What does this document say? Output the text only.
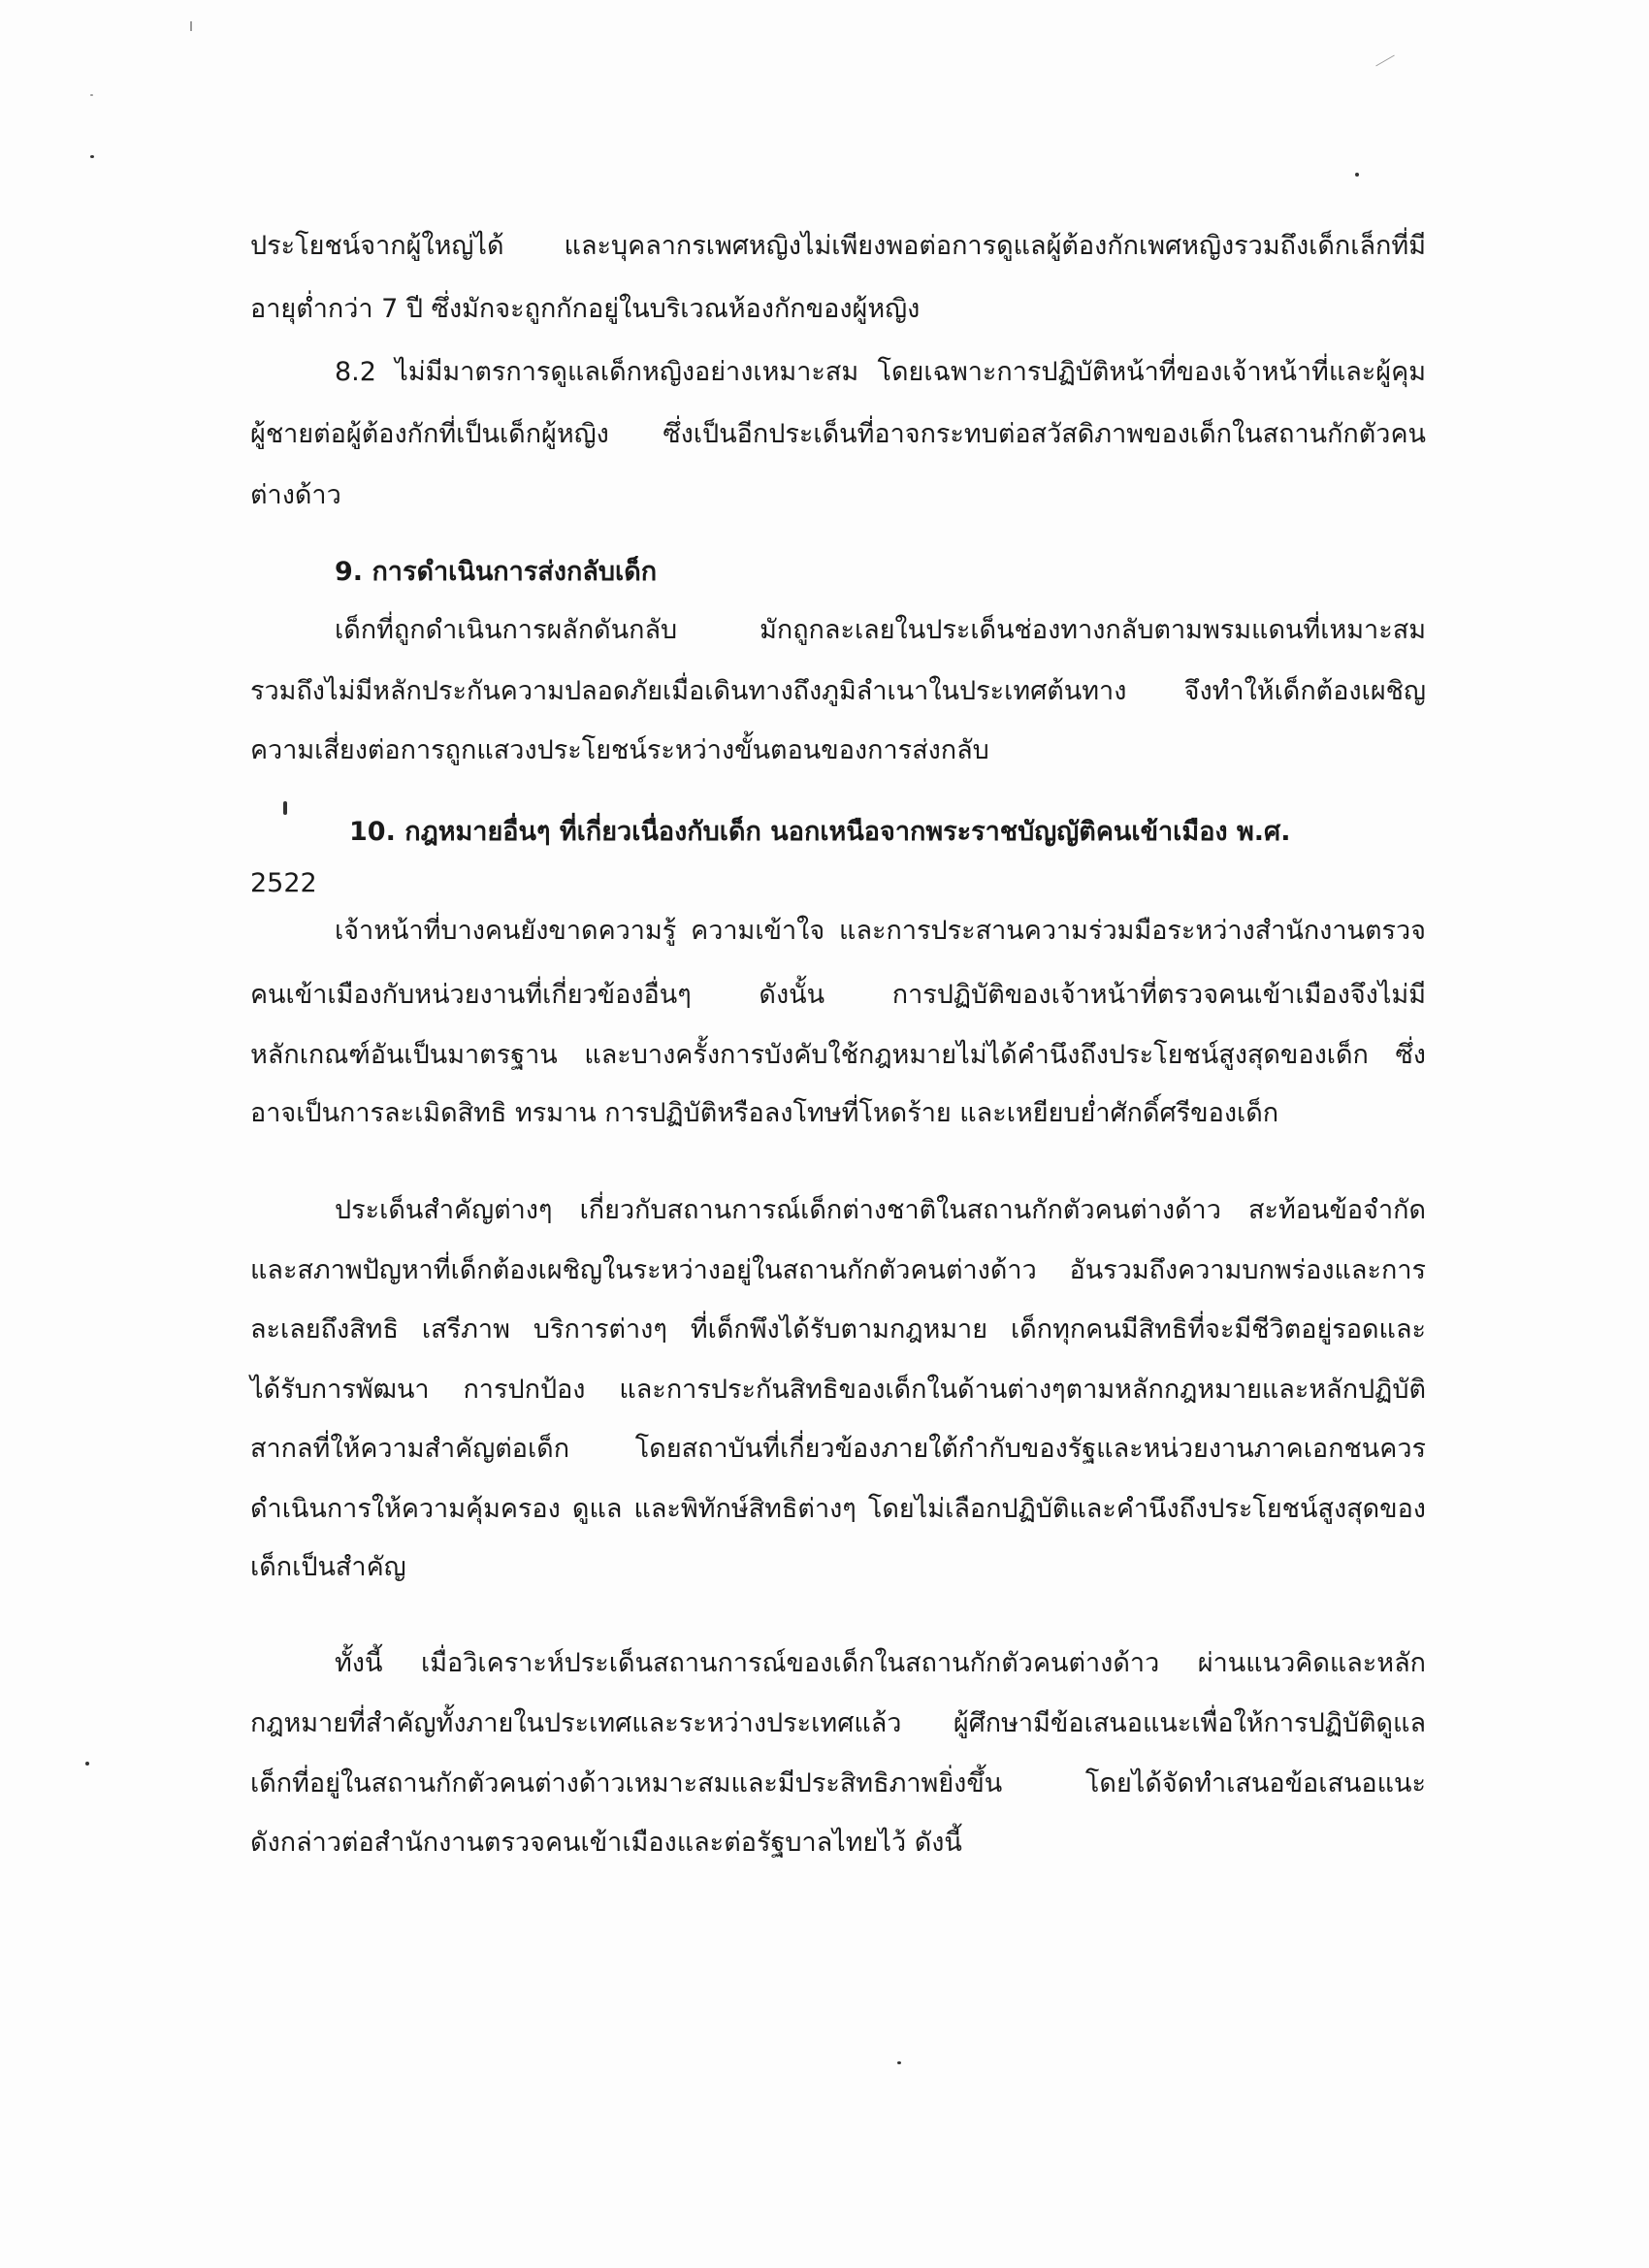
ประโยชน์จากผู้ใหญ่ได้ และบุคลากรเพศหญิงไม่เพียงพอต่อการดูแลผู้ต้องกักเพศหญิงรวมถึงเด็กเล็กที่มี
อายุต่ำกว่า 7 ปี ซึ่งมักจะถูกกักอยู่ในบริเวณห้องกักของผู้หญิง
8.2 ไม่มีมาตรการดูแลเด็กหญิงอย่างเหมาะสม โดยเฉพาะการปฏิบัติหน้าที่ของเจ้าหน้าที่และผู้คุม
ผู้ชายต่อผู้ต้องกักที่เป็นเด็กผู้หญิง ซึ่งเป็นอีกประเด็นที่อาจกระทบต่อสวัสดิภาพของเด็กในสถานกักตัวคน
ต่างด้าว
9. การดำเนินการส่งกลับเด็ก
เด็กที่ถูกดำเนินการผลักดันกลับ มักถูกละเลยในประเด็นช่องทางกลับตามพรมแดนที่เหมาะสม
รวมถึงไม่มีหลักประกันความปลอดภัยเมื่อเดินทางถึงภูมิลำเนาในประเทศต้นทาง จึงทำให้เด็กต้องเผชิญ
ความเสี่ยงต่อการถูกแสวงประโยชน์ระหว่างขั้นตอนของการส่งกลับ
10. กฎหมายอื่นๆ ที่เกี่ยวเนื่องกับเด็ก นอกเหนือจากพระราชบัญญัติคนเข้าเมือง พ.ศ.
2522
เจ้าหน้าที่บางคนยังขาดความรู้ ความเข้าใจ และการประสานความร่วมมือระหว่างสำนักงานตรวจ
คนเข้าเมืองกับหน่วยงานที่เกี่ยวข้องอื่นๆ ดังนั้น การปฏิบัติของเจ้าหน้าที่ตรวจคนเข้าเมืองจึงไม่มี
หลักเกณฑ์อันเป็นมาตรฐาน และบางครั้งการบังคับใช้กฎหมายไม่ได้คำนึงถึงประโยชน์สูงสุดของเด็ก ซึ่ง
อาจเป็นการละเมิดสิทธิ ทรมาน การปฏิบัติหรือลงโทษที่โหดร้าย และเหยียบย่ำศักดิ์ศรีของเด็ก
ประเด็นสำคัญต่างๆ เกี่ยวกับสถานการณ์เด็กต่างชาติในสถานกักตัวคนต่างด้าว สะท้อนข้อจำกัด
และสภาพปัญหาที่เด็กต้องเผชิญในระหว่างอยู่ในสถานกักตัวคนต่างด้าว อันรวมถึงความบกพร่องและการ
ละเลยถึงสิทธิ เสรีภาพ บริการต่างๆ ที่เด็กพึงได้รับตามกฎหมาย เด็กทุกคนมีสิทธิที่จะมีชีวิตอยู่รอดและ
ได้รับการพัฒนา การปกป้อง และการประกันสิทธิของเด็กในด้านต่างๆตามหลักกฎหมายและหลักปฏิบัติ
สากลที่ให้ความสำคัญต่อเด็ก โดยสถาบันที่เกี่ยวข้องภายใต้กำกับของรัฐและหน่วยงานภาคเอกชนควร
ดำเนินการให้ความคุ้มครอง ดูแล และพิทักษ์สิทธิต่างๆ โดยไม่เลือกปฏิบัติและคำนึงถึงประโยชน์สูงสุดของ
เด็กเป็นสำคัญ
ทั้งนี้ เมื่อวิเคราะห์ประเด็นสถานการณ์ของเด็กในสถานกักตัวคนต่างด้าว ผ่านแนวคิดและหลัก
กฎหมายที่สำคัญทั้งภายในประเทศและระหว่างประเทศแล้ว ผู้ศึกษามีข้อเสนอแนะเพื่อให้การปฏิบัติดูแล
เด็กที่อยู่ในสถานกักตัวคนต่างด้าวเหมาะสมและมีประสิทธิภาพยิ่งขึ้น โดยได้จัดทำเสนอข้อเสนอแนะ
ดังกล่าวต่อสำนักงานตรวจคนเข้าเมืองและต่อรัฐบาลไทยไว้ ดังนี้
